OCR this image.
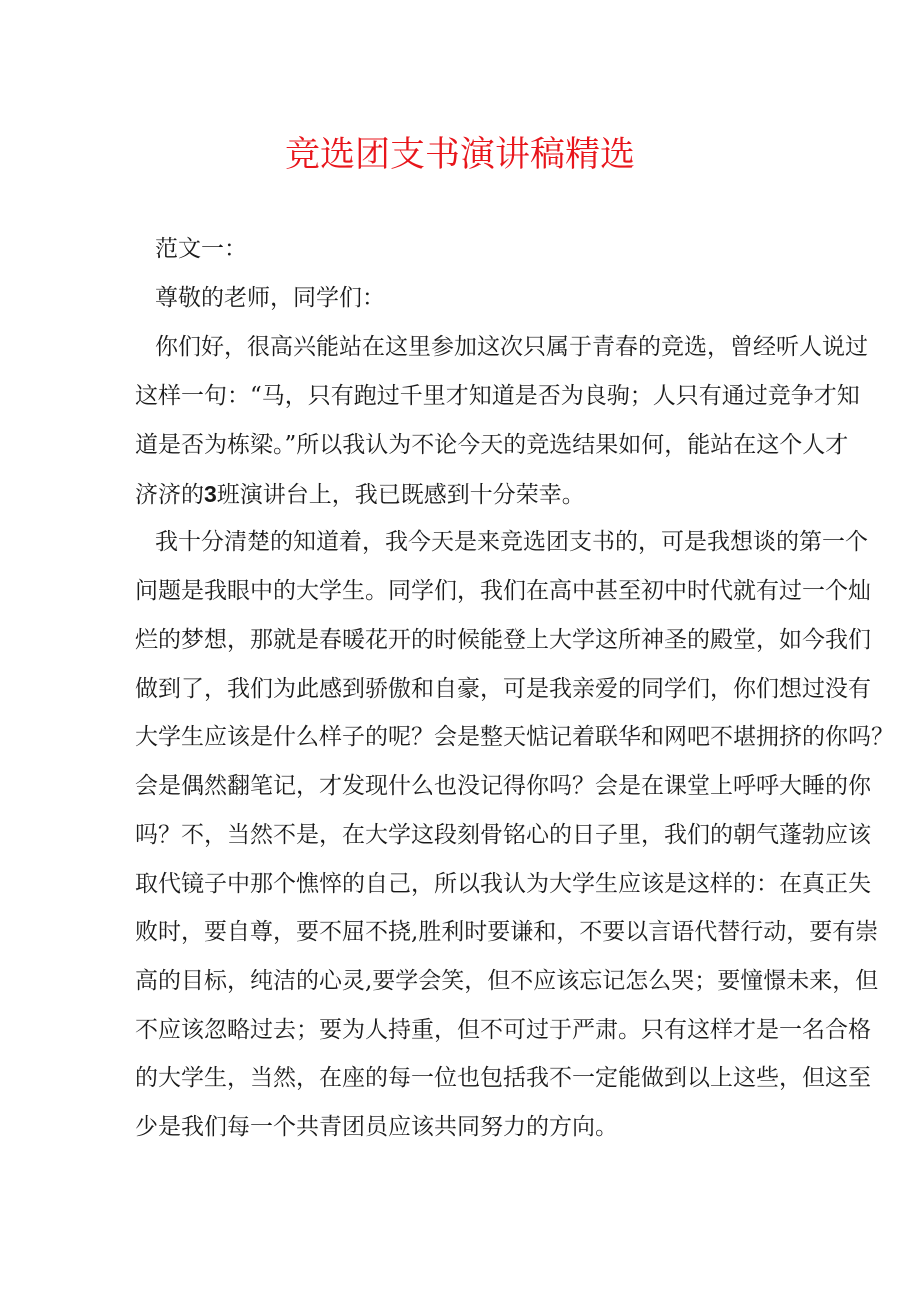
竞选团支书演讲稿精选

范文一：

尊敬的老师，同学们：

你们好，很高兴能站在这里参加这次只属于青春的竞选，曾经听人说过

这样一句：“马，只有跑过千里才知道是否为良驹；人只有通过竞争才知

道是否为栋梁。”所以我认为不论今天的竞选结果如何，能站在这个人才

济济的3班演讲台上，我已既感到十分荣幸。

我十分清楚的知道着，我今天是来竞选团支书的，可是我想谈的第一个

问题是我眼中的大学生。同学们，我们在高中甚至初中时代就有过一个灿

烂的梦想，那就是春暖花开的时候能登上大学这所神圣的殿堂，如今我们

做到了，我们为此感到骄傲和自豪，可是我亲爱的同学们，你们想过没有

大学生应该是什么样子的呢？会是整天惦记着联华和网吧不堪拥挤的你吗？

会是偶然翻笔记，才发现什么也没记得你吗？会是在课堂上呼呼大睡的你

吗？不，当然不是，在大学这段刻骨铭心的日子里，我们的朝气蓬勃应该

取代镜子中那个憔悴的自己，所以我认为大学生应该是这样的：在真正失

败时，要自尊，要不屈不挠,胜利时要谦和，不要以言语代替行动，要有崇

高的目标，纯洁的心灵,要学会笑，但不应该忘记怎么哭；要憧憬未来，但

不应该忽略过去；要为人持重，但不可过于严肃。只有这样才是一名合格

的大学生，当然，在座的每一位也包括我不一定能做到以上这些，但这至

少是我们每一个共青团员应该共同努力的方向。
